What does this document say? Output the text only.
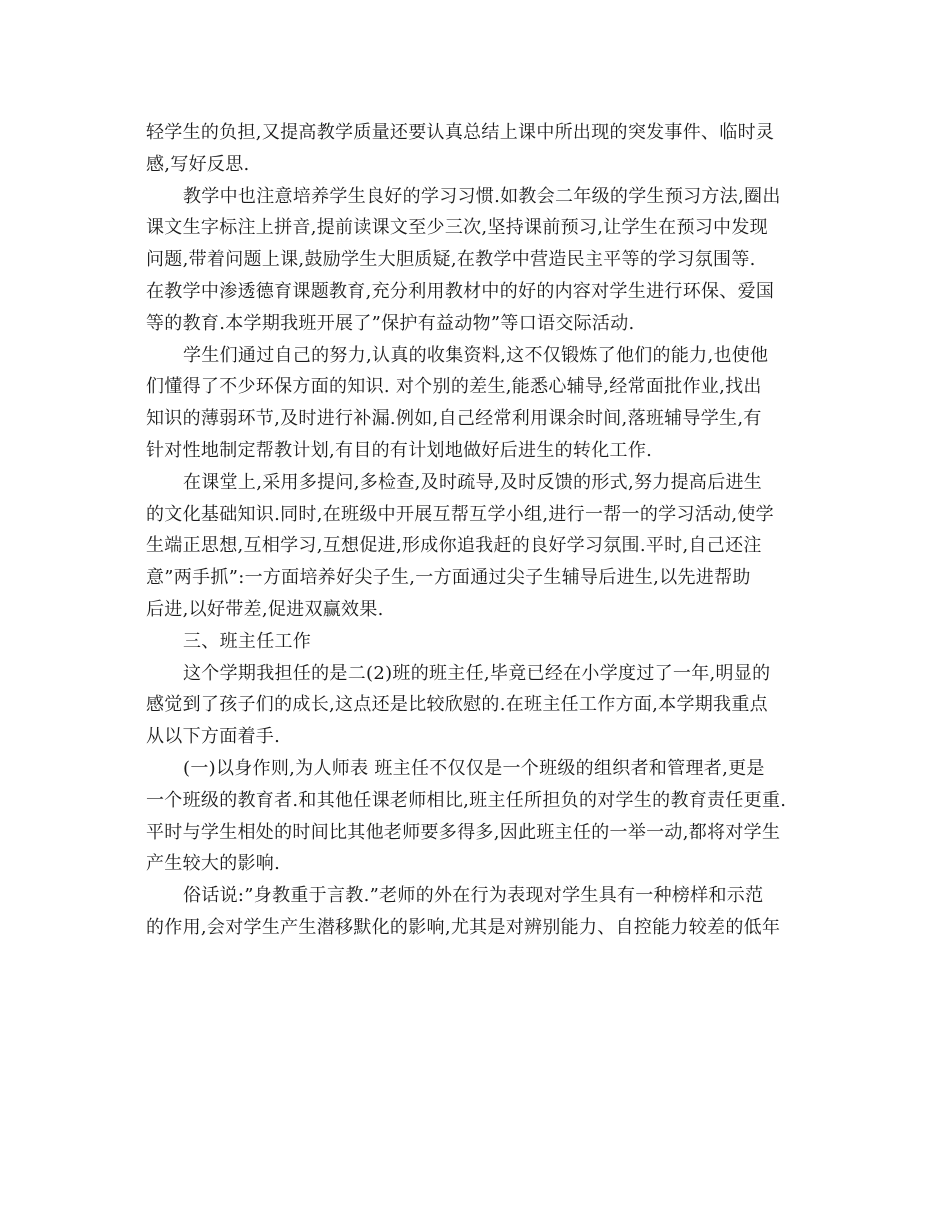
轻学生的负担,又提高教学质量还要认真总结上课中所出现的突发事件、临时灵
感,写好反思.
教学中也注意培养学生良好的学习习惯.如教会二年级的学生预习方法,圈出
课文生字标注上拼音,提前读课文至少三次,坚持课前预习,让学生在预习中发现
问题,带着问题上课,鼓励学生大胆质疑,在教学中营造民主平等的学习氛围等.
在教学中渗透德育课题教育,充分利用教材中的好的内容对学生进行环保、爱国
等的教育.本学期我班开展了”保护有益动物”等口语交际活动.
学生们通过自己的努力,认真的收集资料,这不仅锻炼了他们的能力,也使他
们懂得了不少环保方面的知识. 对个别的差生,能悉心辅导,经常面批作业,找出
知识的薄弱环节,及时进行补漏.例如,自己经常利用课余时间,落班辅导学生,有
针对性地制定帮教计划,有目的有计划地做好后进生的转化工作.
在课堂上,采用多提问,多检查,及时疏导,及时反馈的形式,努力提高后进生
的文化基础知识.同时,在班级中开展互帮互学小组,进行一帮一的学习活动,使学
生端正思想,互相学习,互想促进,形成你追我赶的良好学习氛围.平时,自己还注
意”两手抓”:一方面培养好尖子生,一方面通过尖子生辅导后进生,以先进帮助
后进,以好带差,促进双赢效果.
三、班主任工作
这个学期我担任的是二(2)班的班主任,毕竟已经在小学度过了一年,明显的
感觉到了孩子们的成长,这点还是比较欣慰的.在班主任工作方面,本学期我重点
从以下方面着手.
(一)以身作则,为人师表 班主任不仅仅是一个班级的组织者和管理者,更是
一个班级的教育者.和其他任课老师相比,班主任所担负的对学生的教育责任更重.
平时与学生相处的时间比其他老师要多得多,因此班主任的一举一动,都将对学生
产生较大的影响.
俗话说:”身教重于言教.”老师的外在行为表现对学生具有一种榜样和示范
的作用,会对学生产生潜移默化的影响,尤其是对辨别能力、自控能力较差的低年
